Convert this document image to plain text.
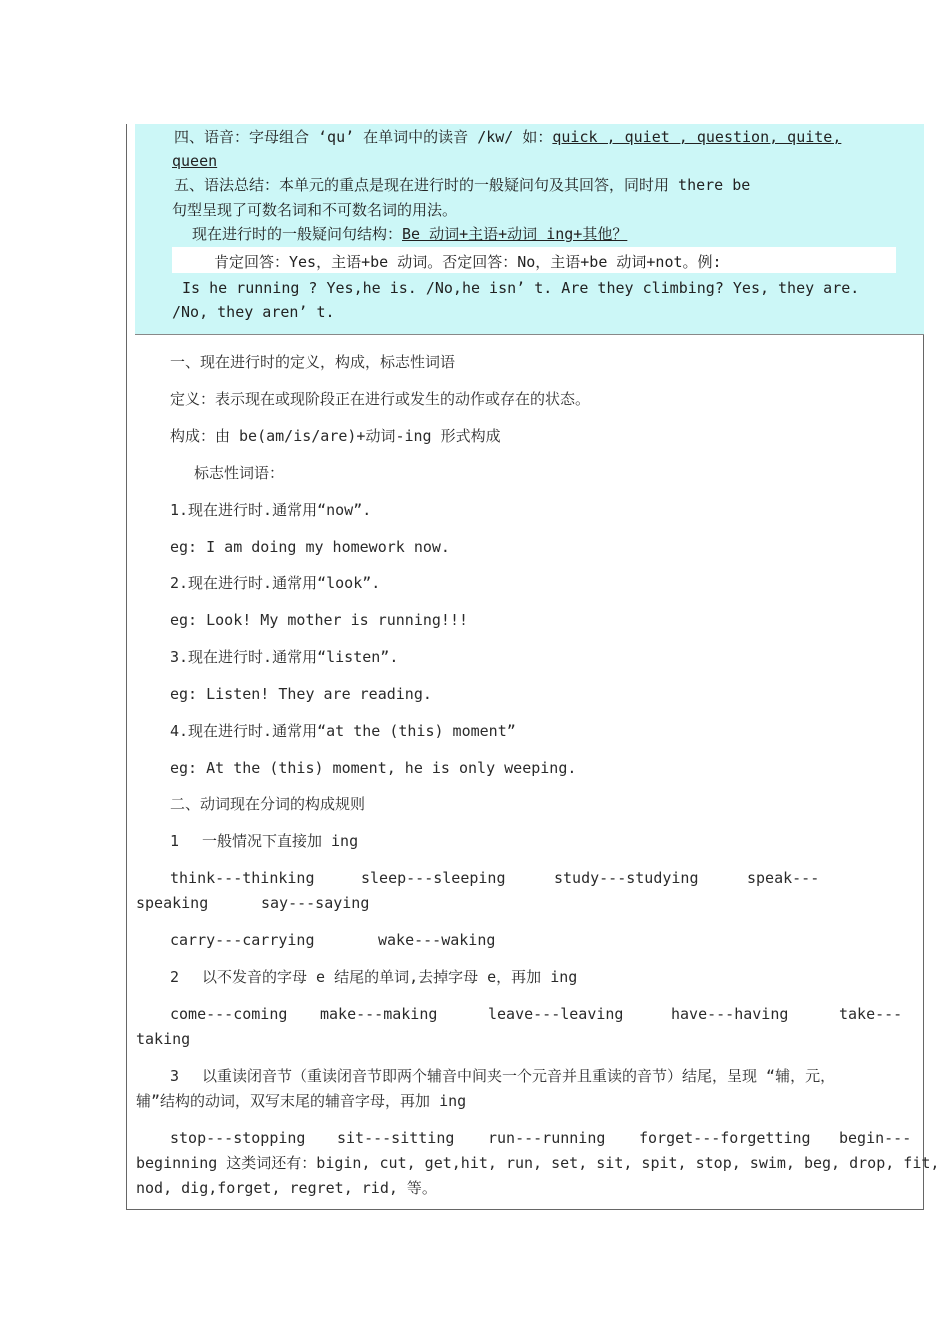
四、语音：字母组合 ‘qu’ 在单词中的读音 /kw/ 如：quick , quiet , question, quite,
queen
五、语法总结：本单元的重点是现在进行时的一般疑问句及其回答，同时用 there be
句型呈现了可数名词和不可数名词的用法。
现在进行时的一般疑问句结构：Be 动词+主语+动词 ing+其他？
肯定回答：Yes，主语+be 动词。否定回答：No，主语+be 动词+not。例:
Is he running ? Yes,he is. /No,he isn’ t. Are they climbing? Yes, they are.
/No, they aren’ t.
一、现在进行时的定义，构成，标志性词语
定义：表示现在或现阶段正在进行或发生的动作或存在的状态。
构成：由 be(am/is/are)+动词-ing 形式构成
标志性词语：
1.现在进行时.通常用“now”.
eg: I am doing my homework now.
2.现在进行时.通常用“look”.
eg: Look! My mother is running!!!
3.现在进行时.通常用“listen”.
eg: Listen! They are reading.
4.现在进行时.通常用“at the (this) moment”
eg: At the (this) moment, he is only weeping.
二、动词现在分词的构成规则
1 一般情况下直接加 ing
think---thinking	sleep---sleeping	study---studying	speak---
speaking	say---saying
carry---carrying	wake---waking
2 以不发音的字母 e 结尾的单词,去掉字母 e，再加 ing
come---coming make---making	leave---leaving	have---having	take---
taking
3 以重读闭音节（重读闭音节即两个辅音中间夹一个元音并且重读的音节）结尾，呈现 “辅，元，
辅”结构的动词，双写末尾的辅音字母，再加 ing
stop---stopping sit---sitting run---running forget---forgetting begin---
beginning 这类词还有：bigin, cut, get,hit, run, set, sit, spit, stop, swim, beg, drop, fit,
nod, dig,forget, regret, rid, 等。
